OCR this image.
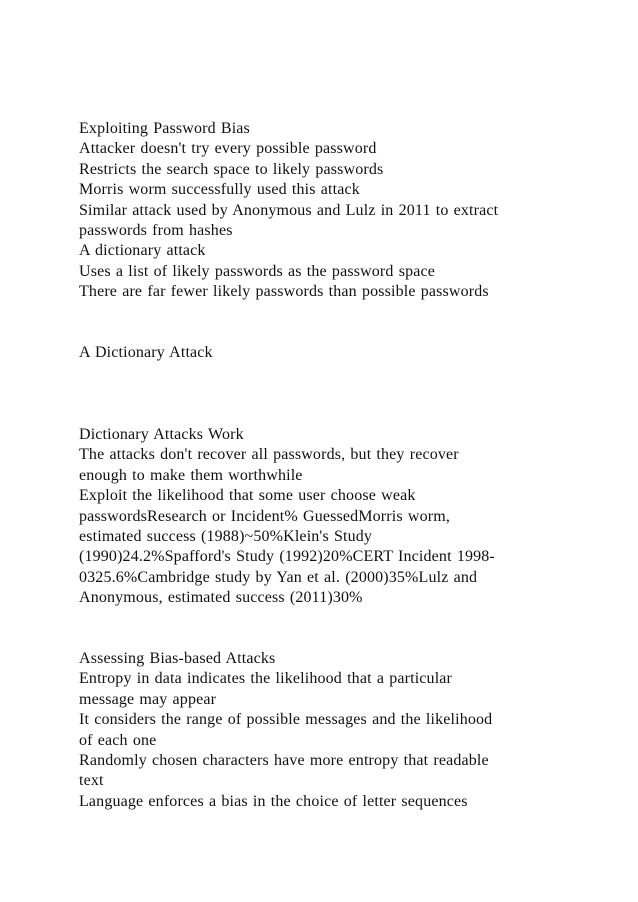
Exploiting Password Bias
Attacker doesn't try every possible password
Restricts the search space to likely passwords
Morris worm successfully used this attack
Similar attack used by Anonymous and Lulz in 2011 to extract
passwords from hashes
A dictionary attack
Uses a list of likely passwords as the password space
There are far fewer likely passwords than possible passwords
A Dictionary Attack
Dictionary Attacks Work
The attacks don't recover all passwords, but they recover
enough to make them worthwhile
Exploit the likelihood that some user choose weak
passwordsResearch or Incident% GuessedMorris worm,
estimated success (1988)~50%Klein's Study
(1990)24.2%Spafford's Study (1992)20%CERT Incident 1998-
0325.6%Cambridge study by Yan et al. (2000)35%Lulz and
Anonymous, estimated success (2011)30%
Assessing Bias-based Attacks
Entropy in data indicates the likelihood that a particular
message may appear
It considers the range of possible messages and the likelihood
of each one
Randomly chosen characters have more entropy that readable
text
Language enforces a bias in the choice of letter sequences
